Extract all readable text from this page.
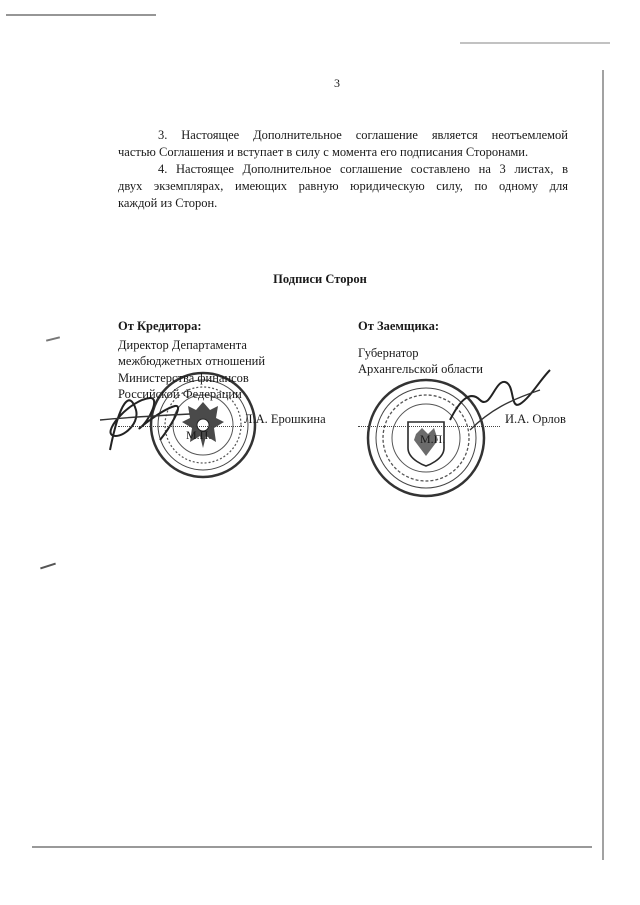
3
3. Настоящее Дополнительное соглашение является неотъемлемой
частью Соглашения и вступает в силу с момента его подписания Сторонами.
4. Настоящее Дополнительное соглашение составлено на 3 листах, в
двух экземплярах, имеющих равную юридическую силу, по одному для
каждой из Сторон.
Подписи Сторон
От Кредитора:
Директор Департамента
межбюджетных отношений
Министерства финансов
Российской Федерации
Л.А. Ерошкина
М.П.
От Заемщика:
Губернатор
Архангельской области
И.А. Орлов
М.П.
